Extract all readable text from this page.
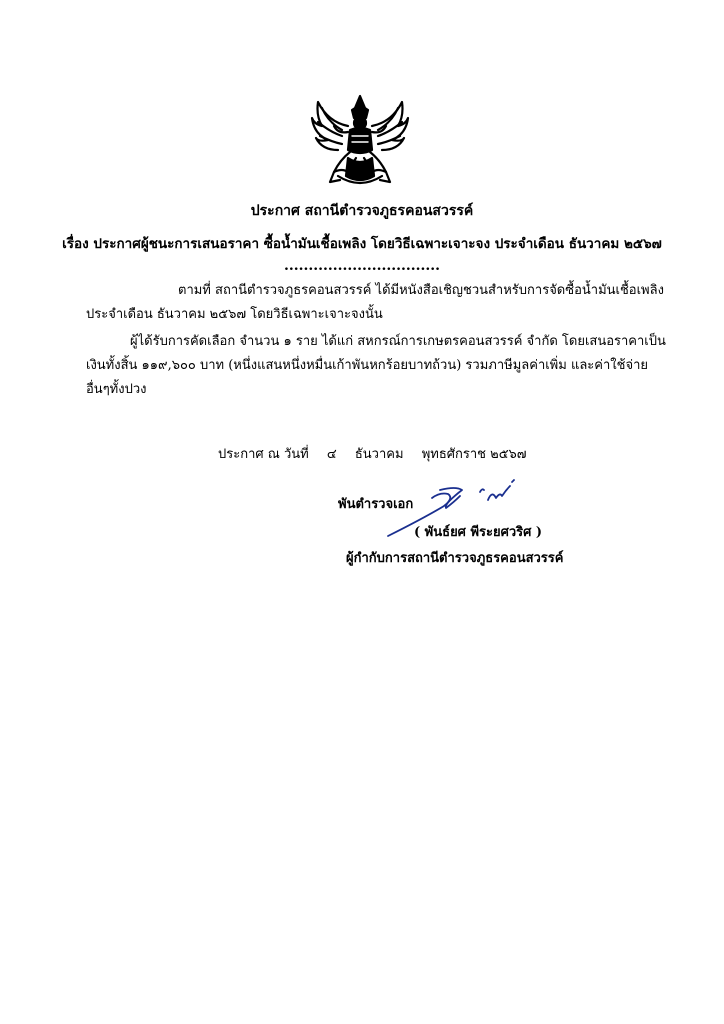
ประกาศ สถานีตำรวจภูธรคอนสวรรค์
เรื่อง ประกาศผู้ชนะการเสนอราคา ซื้อน้ำมันเชื้อเพลิง โดยวิธีเฉพาะเจาะจง ประจำเดือน ธันวาคม ๒๕๖๗
................................
ตามที่ สถานีตำรวจภูธรคอนสวรรค์ ได้มีหนังสือเชิญชวนสำหรับการจัดซื้อน้ำมันเชื้อเพลิง
ประจำเดือน ธันวาคม ๒๕๖๗ โดยวิธีเฉพาะเจาะจงนั้น
ผู้ได้รับการคัดเลือก จำนวน ๑ ราย ได้แก่ สหกรณ์การเกษตรคอนสวรรค์ จำกัด โดยเสนอราคาเป็น
เงินทั้งสิ้น ๑๑๙,๖๐๐ บาท (หนึ่งแสนหนึ่งหมื่นเก้าพันหกร้อยบาทถ้วน) รวมภาษีมูลค่าเพิ่ม และค่าใช้จ่าย
อื่นๆทั้งปวง
ประกาศ ณ วันที่ ๔ ธันวาคม พุทธศักราช ๒๕๖๗
พันตำรวจเอก
( พันธ์ยศ พีระยศวริศ )
ผู้กำกับการสถานีตำรวจภูธรคอนสวรรค์
